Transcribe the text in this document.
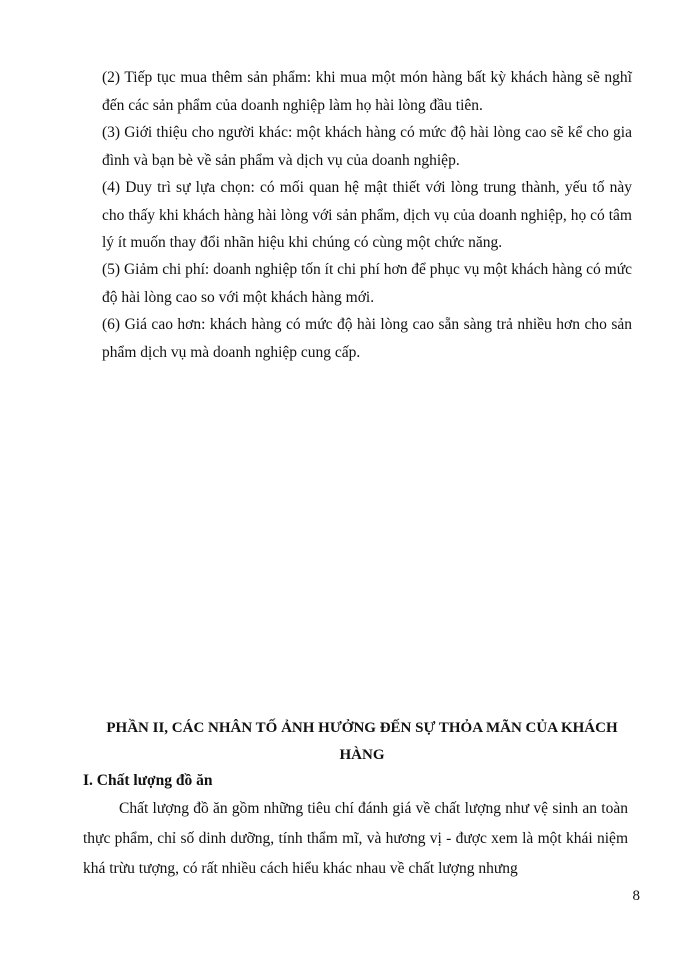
(2) Tiếp tục mua thêm sản phẩm: khi mua một món hàng bất kỳ khách hàng sẽ nghĩ đến các sản phẩm của doanh nghiệp làm họ hài lòng đầu tiên.

(3) Giới thiệu cho người khác: một khách hàng có mức độ hài lòng cao sẽ kể cho gia đình và bạn bè về sản phẩm và dịch vụ của doanh nghiệp.

(4) Duy trì sự lựa chọn: có mối quan hệ mật thiết với lòng trung thành, yếu tố này cho thấy khi khách hàng hài lòng với sản phẩm, dịch vụ của doanh nghiệp, họ có tâm lý ít muốn thay đổi nhãn hiệu khi chúng có cùng một chức năng.

(5) Giảm chi phí: doanh nghiệp tốn ít chi phí hơn để phục vụ một khách hàng có mức độ hài lòng cao so với một khách hàng mới.

(6) Giá cao hơn: khách hàng có mức độ hài lòng cao sẵn sàng trả nhiều hơn cho sản phẩm dịch vụ mà doanh nghiệp cung cấp.

PHẦN II, CÁC NHÂN TỐ ẢNH HƯỞNG ĐẾN SỰ THỎA MÃN CỦA KHÁCH HÀNG
I. Chất lượng đồ ăn

Chất lượng đồ ăn gồm những tiêu chí đánh giá về chất lượng như vệ sinh an toàn thực phẩm, chỉ số dinh dưỡng, tính thẩm mĩ, và hương vị - được xem là một khái niệm khá trừu tượng, có rất nhiều cách hiểu khác nhau về chất lượng nhưng

8
